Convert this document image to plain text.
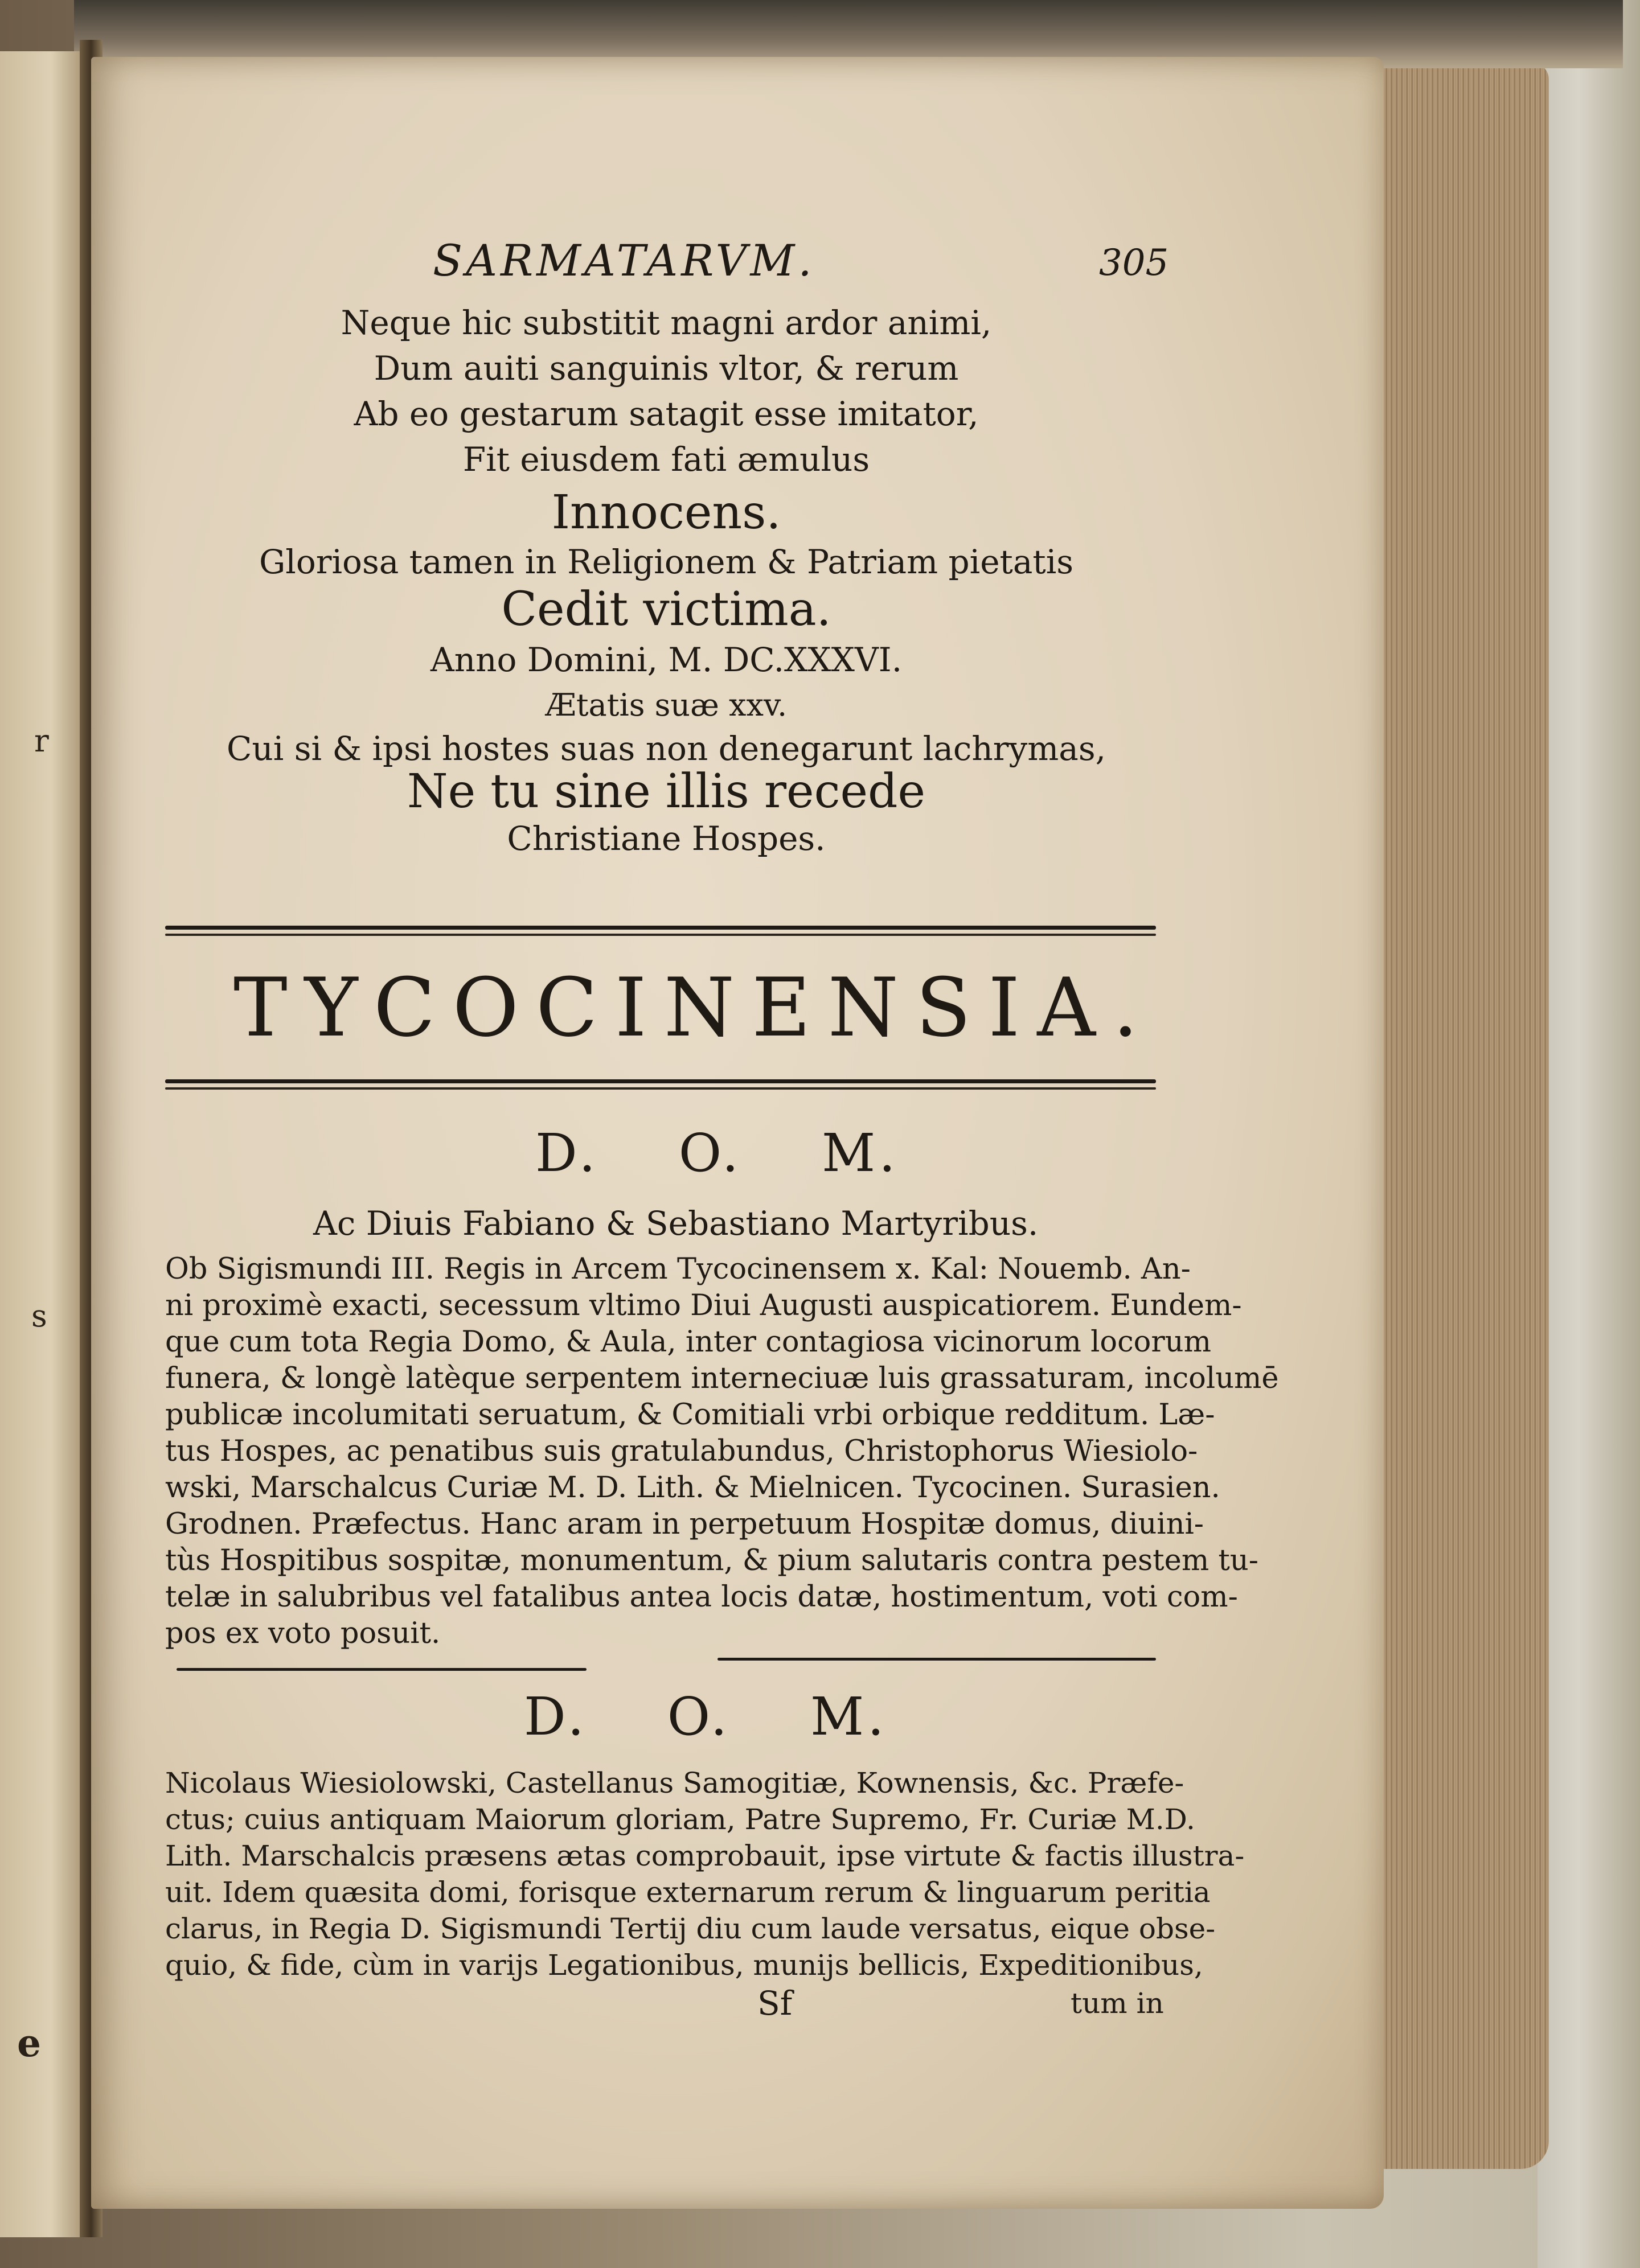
r
s
e
SARMATARVM.	305
Neque hic substitit magni ardor animi,
Dum auiti sanguinis vltor, & rerum
Ab eo gestarum satagit esse imitator,
Fit eiusdem fati æmulus
Innocens.
Gloriosa tamen in Religionem & Patriam pietatis
Cedit victima.
Anno Domini, M. DC.XXXVI.
Ætatis suæ xxv.
Cui si & ipsi hostes suas non denegarunt lachrymas,
Ne tu sine illis recede
Christiane Hospes.
TYCOCINENSIA.
D. O. M.
Ac Diuis Fabiano & Sebastiano Martyribus.
Ob Sigismundi III. Regis in Arcem Tycocinensem x. Kal: Nouemb. An-
ni proximè exacti, secessum vltimo Diui Augusti auspicatiorem. Eundem-
que cum tota Regia Domo, & Aula, inter contagiosa vicinorum locorum
funera, & longè latèque serpentem interneciuæ luis grassaturam, incolumē
publicæ incolumitati seruatum, & Comitiali vrbi orbique redditum. Læ-
tus Hospes, ac penatibus suis gratulabundus, Christophorus Wiesiolo-
wski, Marschalcus Curiæ M. D. Lith. & Mielnicen. Tycocinen. Surasien.
Grodnen. Præfectus. Hanc aram in perpetuum Hospitæ domus, diuini-
tùs Hospitibus sospitæ, monumentum, & pium salutaris contra pestem tu-
telæ in salubribus vel fatalibus antea locis datæ, hostimentum, voti com-
pos ex voto posuit.
D. O. M.
Nicolaus Wiesiolowski, Castellanus Samogitiæ, Kownensis, &c. Præfe-
ctus; cuius antiquam Maiorum gloriam, Patre Supremo, Fr. Curiæ M.D.
Lith. Marschalcis præsens ætas comprobauit, ipse virtute & factis illustra-
uit. Idem quæsita domi, forisque externarum rerum & linguarum peritia
clarus, in Regia D. Sigismundi Tertij diu cum laude versatus, eique obse-
quio, & fide, cùm in varijs Legationibus, munijs bellicis, Expeditionibus,
Sf	tum in
